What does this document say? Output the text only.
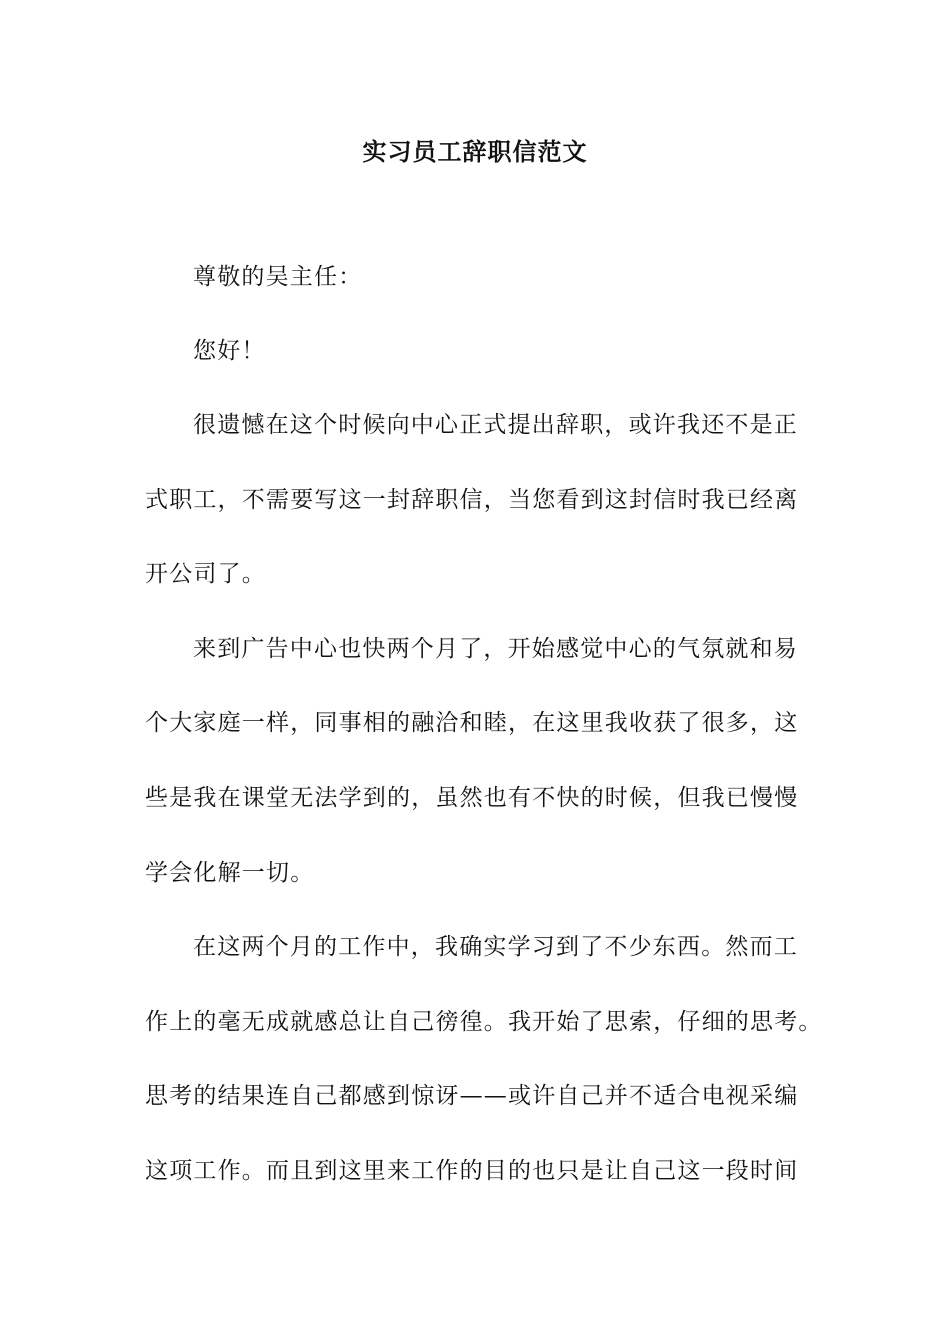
实习员工辞职信范文
尊敬的吴主任：
您好！
很遗憾在这个时候向中心正式提出辞职，或许我还不是正
式职工，不需要写这一封辞职信，当您看到这封信时我已经离
开公司了。
来到广告中心也快两个月了，开始感觉中心的气氛就和易
个大家庭一样，同事相的融洽和睦，在这里我收获了很多，这
些是我在课堂无法学到的，虽然也有不快的时候，但我已慢慢
学会化解一切。
在这两个月的工作中，我确实学习到了不少东西。然而工
作上的毫无成就感总让自己徬徨。我开始了思索，仔细的思考。
思考的结果连自己都感到惊讶——或许自己并不适合电视采编
这项工作。而且到这里来工作的目的也只是让自己这一段时间
